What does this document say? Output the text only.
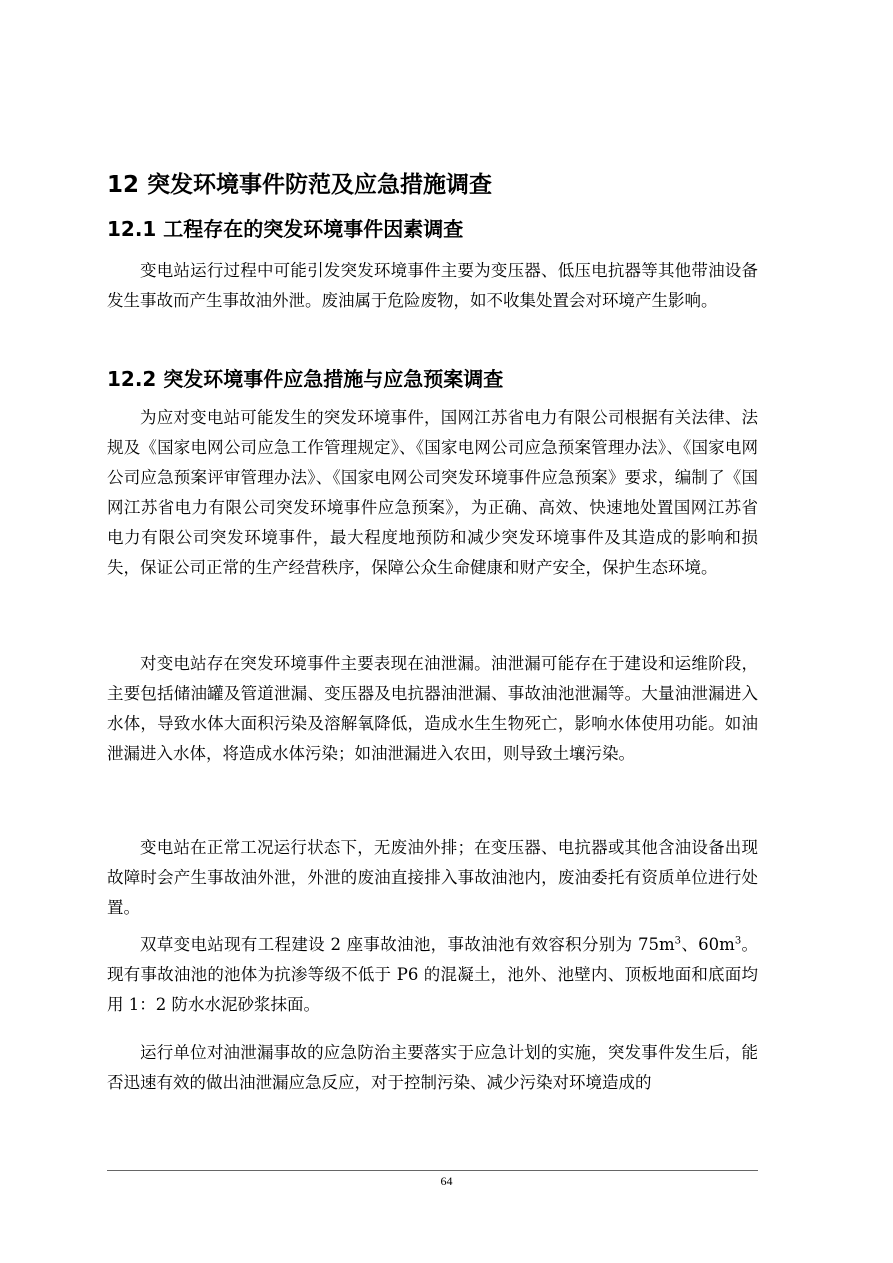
12 突发环境事件防范及应急措施调查
12.1 工程存在的突发环境事件因素调查

变电站运行过程中可能引发突发环境事件主要为变压器、低压电抗器等其他带油设备发生事故而产生事故油外泄。废油属于危险废物，如不收集处置会对环境产生影响。

12.2 突发环境事件应急措施与应急预案调查

为应对变电站可能发生的突发环境事件，国网江苏省电力有限公司根据有关法律、法规及《国家电网公司应急工作管理规定》、《国家电网公司应急预案管理办法》、《国家电网公司应急预案评审管理办法》、《国家电网公司突发环境事件应急预案》要求，编制了《国网江苏省电力有限公司突发环境事件应急预案》，为正确、高效、快速地处置国网江苏省电力有限公司突发环境事件，最大程度地预防和减少突发环境事件及其造成的影响和损失，保证公司正常的生产经营秩序，保障公众生命健康和财产安全，保护生态环境。

对变电站存在突发环境事件主要表现在油泄漏。油泄漏可能存在于建设和运维阶段，主要包括储油罐及管道泄漏、变压器及电抗器油泄漏、事故油池泄漏等。大量油泄漏进入水体，导致水体大面积污染及溶解氧降低，造成水生生物死亡，影响水体使用功能。如油泄漏进入水体，将造成水体污染；如油泄漏进入农田，则导致土壤污染。

变电站在正常工况运行状态下，无废油外排；在变压器、电抗器或其他含油设备出现故障时会产生事故油外泄，外泄的废油直接排入事故油池内，废油委托有资质单位进行处置。

双草变电站现有工程建设 2 座事故油池，事故油池有效容积分别为 $75m^3$、$60m^3$。现有事故油池的池体为抗渗等级不低于 P6 的混凝土，池外、池壁内、顶板地面和底面均用 1：2 防水水泥砂浆抹面。

运行单位对油泄漏事故的应急防治主要落实于应急计划的实施，突发事件发生后，能否迅速有效的做出油泄漏应急反应，对于控制污染、减少污染对环境造成的

64
